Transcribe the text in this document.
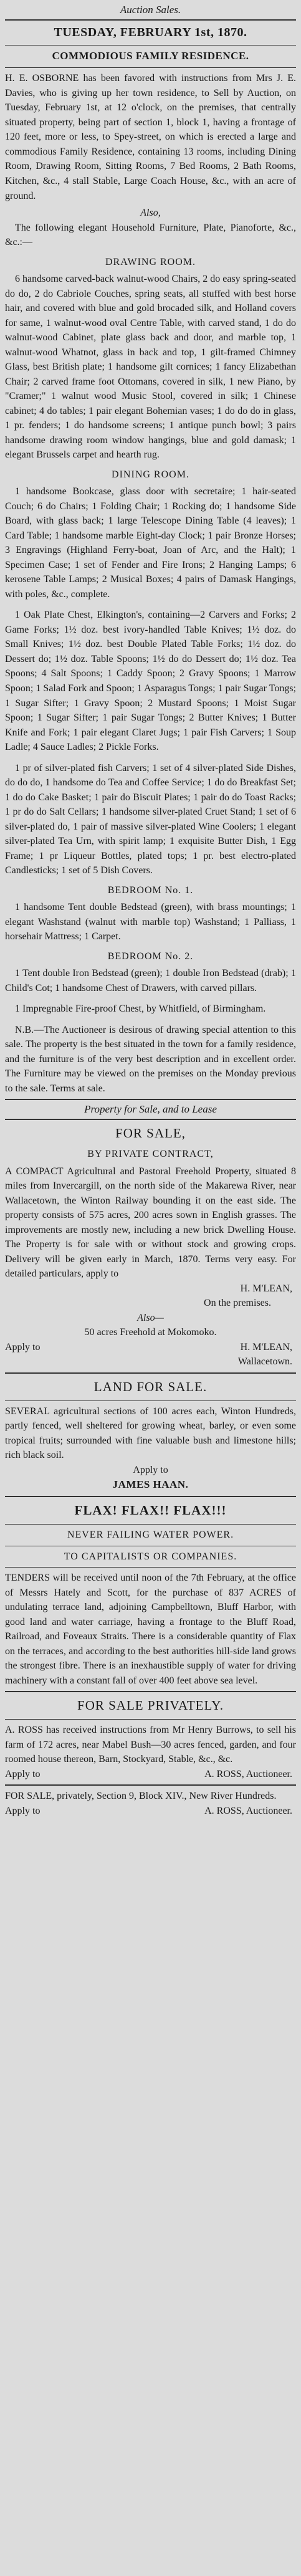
Auction Sales.
TUESDAY, FEBRUARY 1st, 1870.
COMMODIOUS FAMILY RESIDENCE.

H. E. OSBORNE has been favored with instructions from Mrs J. E. Davies, who is giving up her town residence, to Sell by Auction, on Tuesday, February 1st, at 12 o'clock, on the premises, that centrally situated property, being part of section 1, block 1, having a frontage of 120 feet, more or less, to Spey-street, on which is erected a large and commodious Family Residence, containing 13 rooms, including Dining Room, Drawing Room, Sitting Rooms, 7 Bed Rooms, 2 Bath Rooms, Kitchen, &c., 4 stall Stable, Large Coach House, &c., with an acre of ground.

Also,

The following elegant Household Furniture, Plate, Pianoforte, &c., &c.:—

DRAWING ROOM.

6 handsome carved-back walnut-wood Chairs, 2 do easy spring-seated do do, 2 do Cabriole Couches, spring seats, all stuffed with best horse hair, and covered with blue and gold brocaded silk, and Holland covers for same, 1 walnut-wood oval Centre Table, with carved stand, 1 do do walnut-wood Cabinet, plate glass back and door, and marble top, 1 walnut-wood Whatnot, glass in back and top, 1 gilt-framed Chimney Glass, best British plate; 1 handsome gilt cornices; 1 fancy Elizabethan Chair; 2 carved frame foot Ottomans, covered in silk, 1 new Piano, by "Cramer;" 1 walnut wood Music Stool, covered in silk; 1 Chinese cabinet; 4 do tables; 1 pair elegant Bohemian vases; 1 do do do in glass, 1 pr. fenders; 1 do handsome screens; 1 antique punch bowl; 3 pairs handsome drawing room window hangings, blue and gold damask; 1 elegant Brussels carpet and hearth rug.

DINING ROOM.

1 handsome Bookcase, glass door with secretaire; 1 hair-seated Couch; 6 do Chairs; 1 Folding Chair; 1 Rocking do; 1 handsome Side Board, with glass back; 1 large Telescope Dining Table (4 leaves); 1 Card Table; 1 handsome marble Eight-day Clock; 1 pair Bronze Horses; 3 Engravings (Highland Ferry-boat, Joan of Arc, and the Halt); 1 Specimen Case; 1 set of Fender and Fire Irons; 2 Hanging Lamps; 6 kerosene Table Lamps; 2 Musical Boxes; 4 pairs of Damask Hangings, with poles, &c., complete.

1 Oak Plate Chest, Elkington's, containing—2 Carvers and Forks; 2 Game Forks; 1½ doz. best ivory-handled Table Knives; 1½ doz. do Small Knives; 1½ doz. best Double Plated Table Forks; 1½ doz. do Dessert do; 1½ doz. Table Spoons; 1½ do do Dessert do; 1½ doz. Tea Spoons; 4 Salt Spoons; 1 Caddy Spoon; 2 Gravy Spoons; 1 Marrow Spoon; 1 Salad Fork and Spoon; 1 Asparagus Tongs; 1 pair Sugar Tongs; 1 Sugar Sifter; 1 Gravy Spoon; 2 Mustard Spoons; 1 Moist Sugar Spoon; 1 Sugar Sifter; 1 pair Sugar Tongs; 2 Butter Knives; 1 Butter Knife and Fork; 1 pair elegant Claret Jugs; 1 pair Fish Carvers; 1 Soup Ladle; 4 Sauce Ladles; 2 Pickle Forks.

1 pr of silver-plated fish Carvers; 1 set of 4 silver-plated Side Dishes, do do do, 1 handsome do Tea and Coffee Service; 1 do do Breakfast Set; 1 do do Cake Basket; 1 pair do Biscuit Plates; 1 pair do do Toast Racks; 1 pr do do Salt Cellars; 1 handsome silver-plated Cruet Stand; 1 set of 6 silver-plated do, 1 pair of massive silver-plated Wine Coolers; 1 elegant silver-plated Tea Urn, with spirit lamp; 1 exquisite Butter Dish, 1 Egg Frame; 1 pr Liqueur Bottles, plated tops; 1 pr. best electro-plated Candlesticks; 1 set of 5 Dish Covers.

BEDROOM No. 1.

1 handsome Tent double Bedstead (green), with brass mountings; 1 elegant Washstand (walnut with marble top) Washstand; 1 Palliass, 1 horsehair Mattress; 1 Carpet.

BEDROOM No. 2.

1 Tent double Iron Bedstead (green); 1 double Iron Bedstead (drab); 1 Child's Cot; 1 handsome Chest of Drawers, with carved pillars.

1 Impregnable Fire-proof Chest, by Whitfield, of Birmingham.

N.B.—The Auctioneer is desirous of drawing special attention to this sale. The property is the best situated in the town for a family residence, and the furniture is of the very best description and in excellent order. The Furniture may be viewed on the premises on the Monday previous to the sale. Terms at sale.

Property for Sale, and to Lease
FOR SALE,
BY PRIVATE CONTRACT,

A COMPACT Agricultural and Pastoral Freehold Property, situated 8 miles from Invercargill, on the north side of the Makarewa River, near Wallacetown, the Winton Railway bounding it on the east side. The property consists of 575 acres, 200 acres sown in English grasses. The improvements are mostly new, including a new brick Dwelling House. The Property is for sale with or without stock and growing crops. Delivery will be given early in March, 1870. Terms very easy. For detailed particulars, apply to

H. M'LEAN,
On the premises.
Also—
50 acres Freehold at Mokomoko.
Apply to	H. M'LEAN,
Wallacetown.
LAND FOR SALE.

SEVERAL agricultural sections of 100 acres each, Winton Hundreds, partly fenced, well sheltered for growing wheat, barley, or even some tropical fruits; surrounded with fine valuable bush and limestone hills; rich black soil.

Apply to
JAMES HAAN.
FLAX! FLAX!! FLAX!!!
NEVER FAILING WATER POWER.
TO CAPITALISTS OR COMPANIES.

TENDERS will be received until noon of the 7th February, at the office of Messrs Hately and Scott, for the purchase of 837 ACRES of undulating terrace land, adjoining Campbelltown, Bluff Harbor, with good land and water carriage, having a frontage to the Bluff Road, Railroad, and Foveaux Straits. There is a considerable quantity of Flax on the terraces, and according to the best authorities hill-side land grows the strongest fibre. There is an inexhaustible supply of water for driving machinery with a constant fall of over 400 feet above sea level.

FOR SALE PRIVATELY.

A. ROSS has received instructions from Mr Henry Burrows, to sell his farm of 172 acres, near Mabel Bush—30 acres fenced, garden, and four roomed house thereon, Barn, Stockyard, Stable, &c., &c.

Apply to	A. ROSS, Auctioneer.

FOR SALE, privately, Section 9, Block XIV., New River Hundreds.

Apply to	A. ROSS, Auctioneer.
